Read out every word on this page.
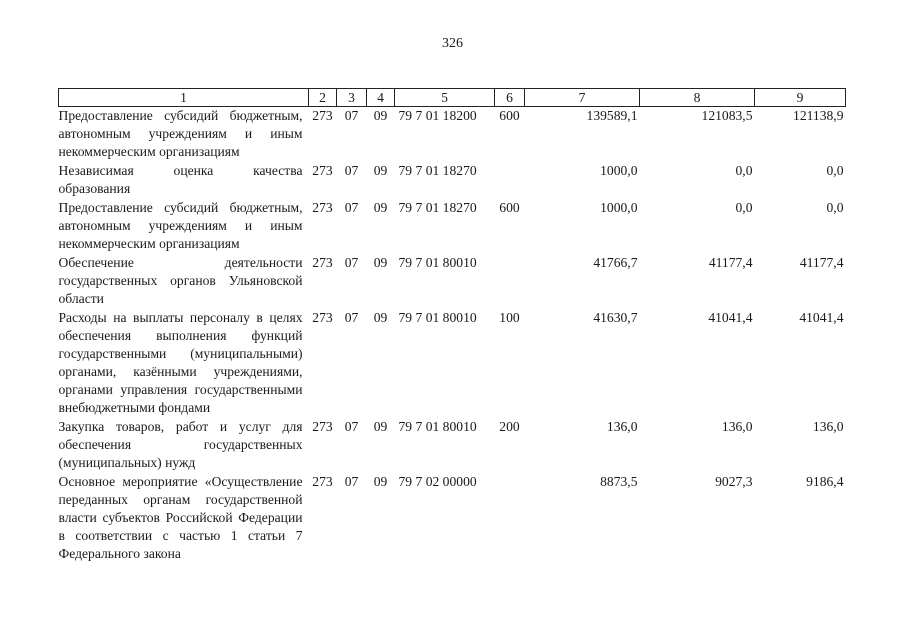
326
1	2	3	4	5	6	7	8	9
Предоставление субсидий бюджетным, автономным учреждениям и иным некоммерческим организациям	273	07	09	79 7 01 18200	600	139589,1	121083,5	121138,9
Независимая оценка качества образования	273	07	09	79 7 01 18270		1000,0	0,0	0,0
Предоставление субсидий бюджетным, автономным учреждениям и иным некоммерческим организациям	273	07	09	79 7 01 18270	600	1000,0	0,0	0,0
Обеспечение деятельности государственных органов Ульяновской области	273	07	09	79 7 01 80010		41766,7	41177,4	41177,4
Расходы на выплаты персоналу в целях обеспечения выполнения функций государственными (муниципальными) органами, казёнными учреждениями, органами управления государственными внебюджетными фондами	273	07	09	79 7 01 80010	100	41630,7	41041,4	41041,4
Закупка товаров, работ и услуг для обеспечения государственных (муниципальных) нужд	273	07	09	79 7 01 80010	200	136,0	136,0	136,0
Основное мероприятие «Осуществление переданных органам государственной власти субъектов Российской Федерации в соответствии с частью 1 статьи 7 Федерального закона	273	07	09	79 7 02 00000		8873,5	9027,3	9186,4
